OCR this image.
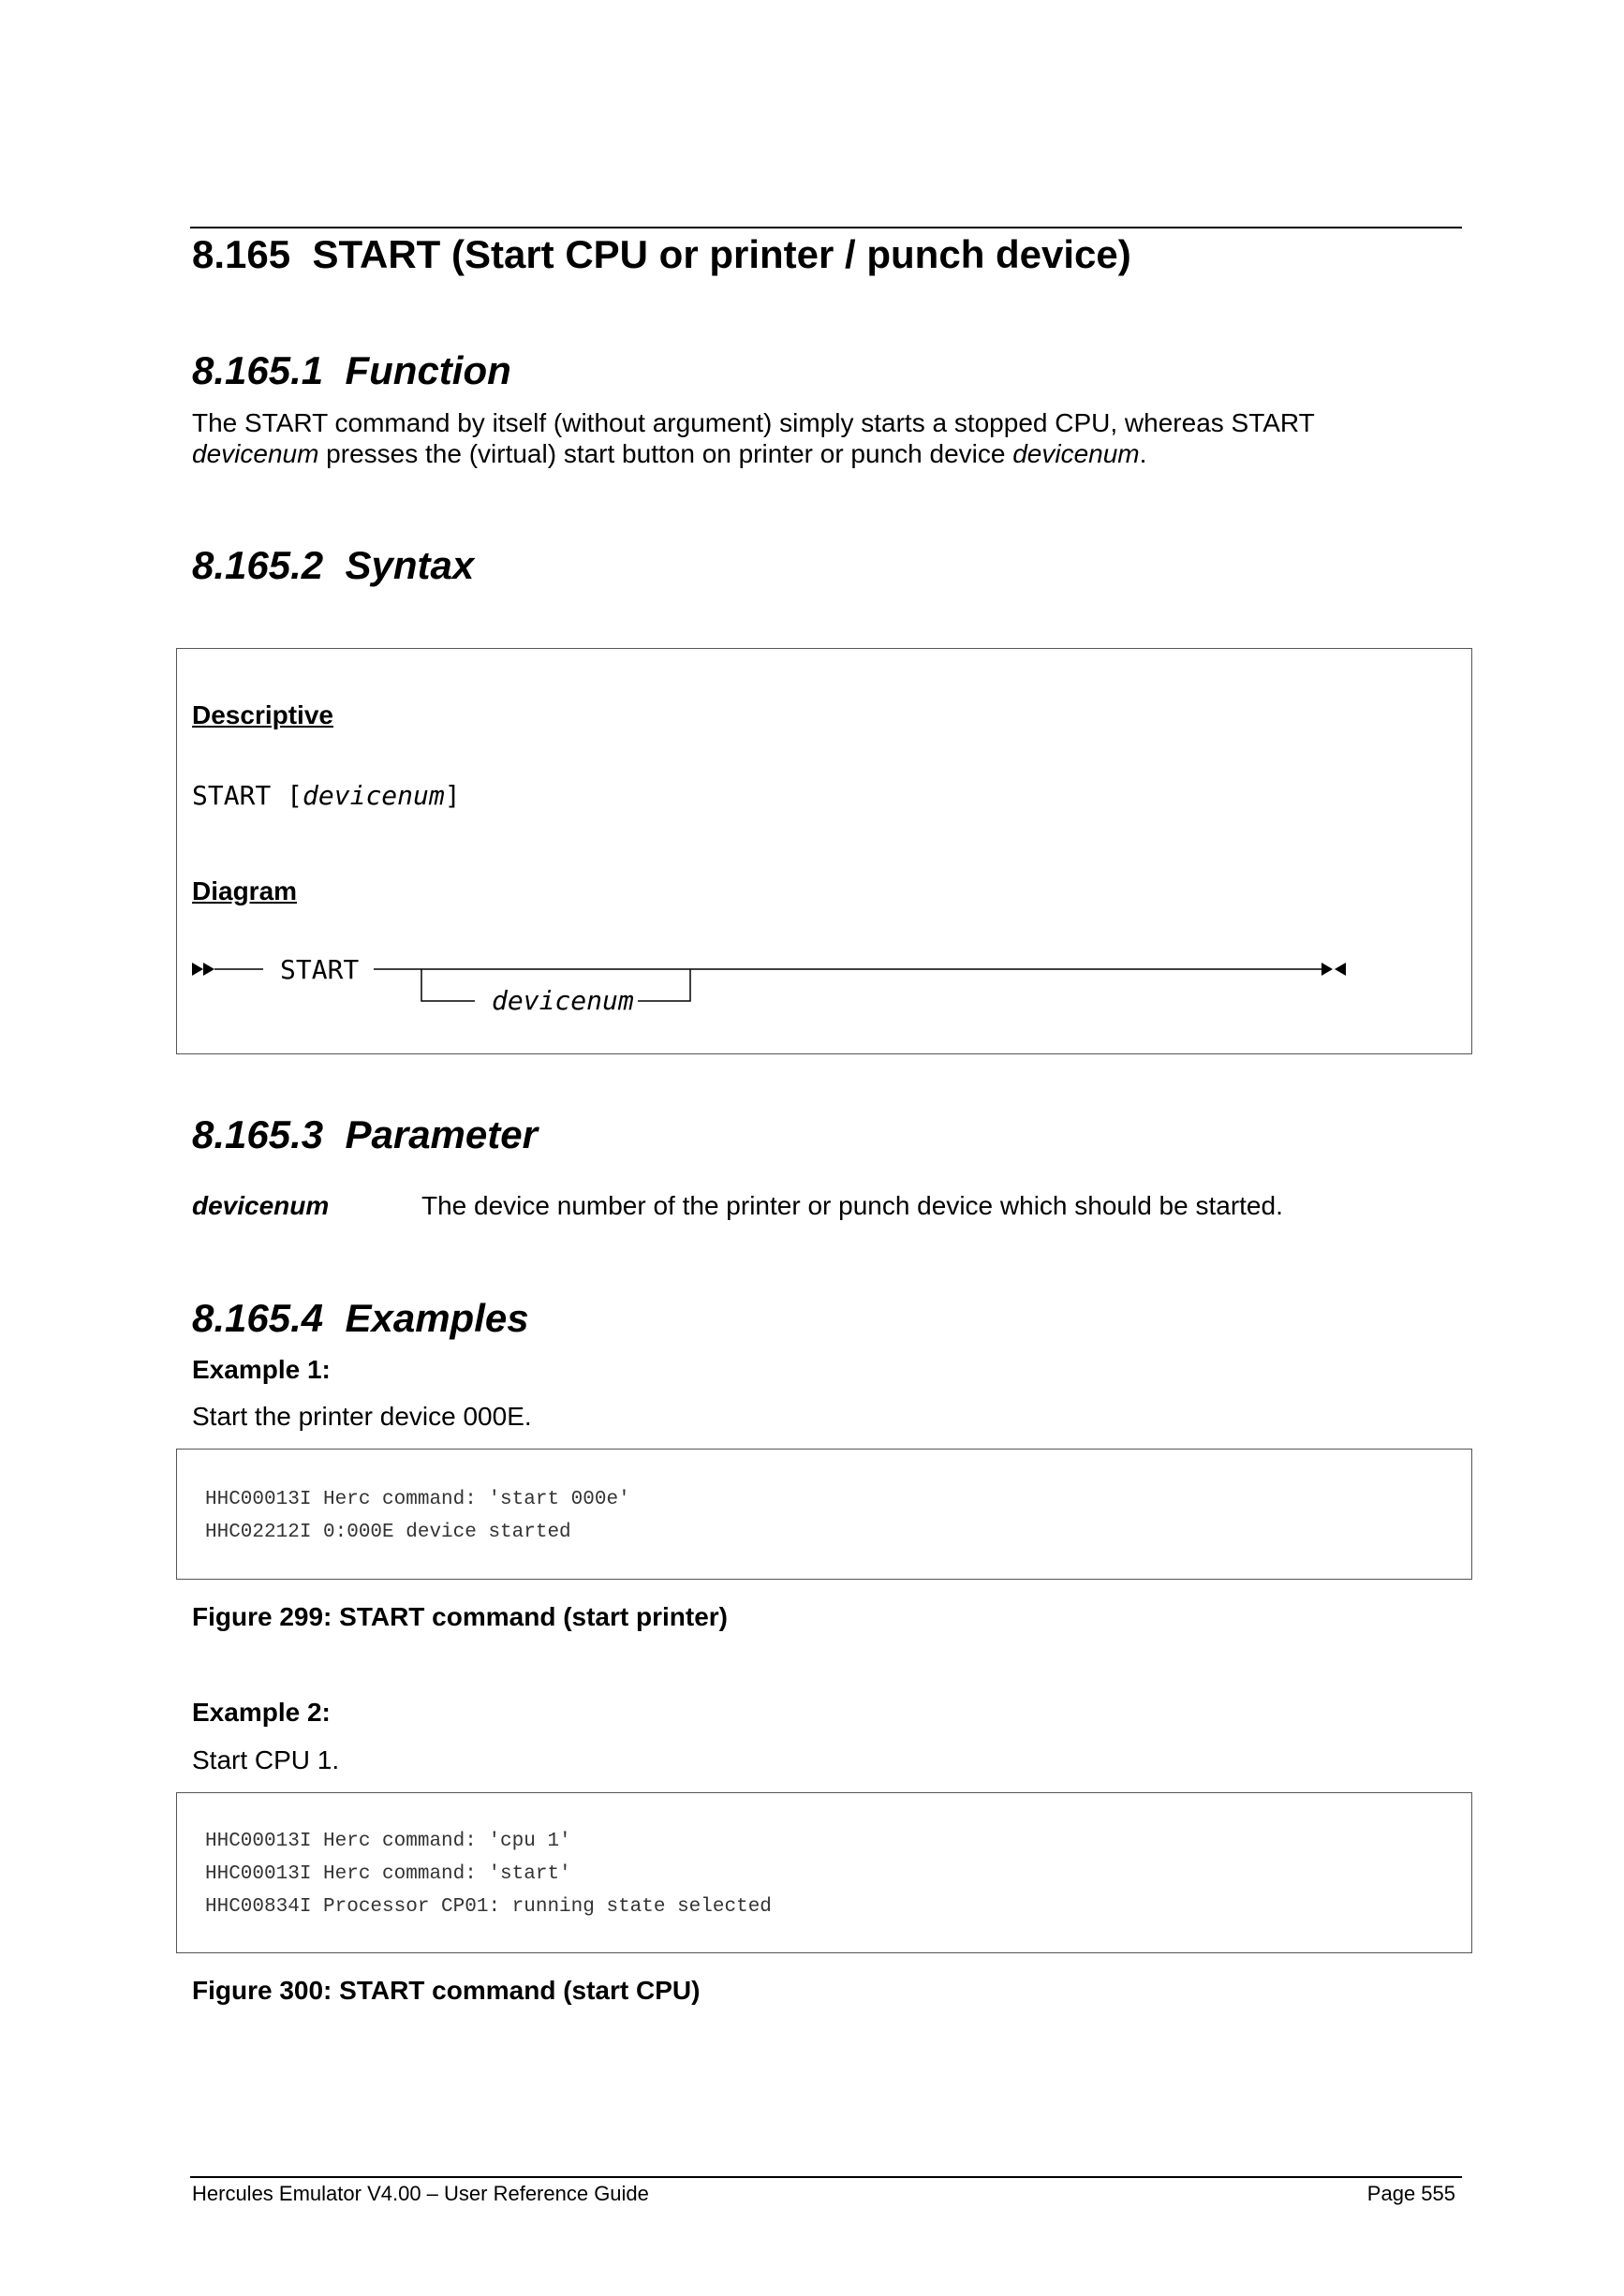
8.165 START (Start CPU or printer / punch device)
8.165.1 Function
The START command by itself (without argument) simply starts a stopped CPU, whereas START
devicenum presses the (virtual) start button on printer or punch device devicenum.
8.165.2 Syntax
Descriptive
START [devicenum]
Diagram
START
devicenum
8.165.3 Parameter
devicenum	The device number of the printer or punch device which should be started.
8.165.4 Examples
Example 1:
Start the printer device 000E.
HHC00013I Herc command: 'start 000e'
HHC02212I 0:000E device started
Figure 299: START command (start printer)
Example 2:
Start CPU 1.
HHC00013I Herc command: 'cpu 1'
HHC00013I Herc command: 'start'
HHC00834I Processor CP01: running state selected
Figure 300: START command (start CPU)
Hercules Emulator V4.00 – User Reference Guide	Page 555
